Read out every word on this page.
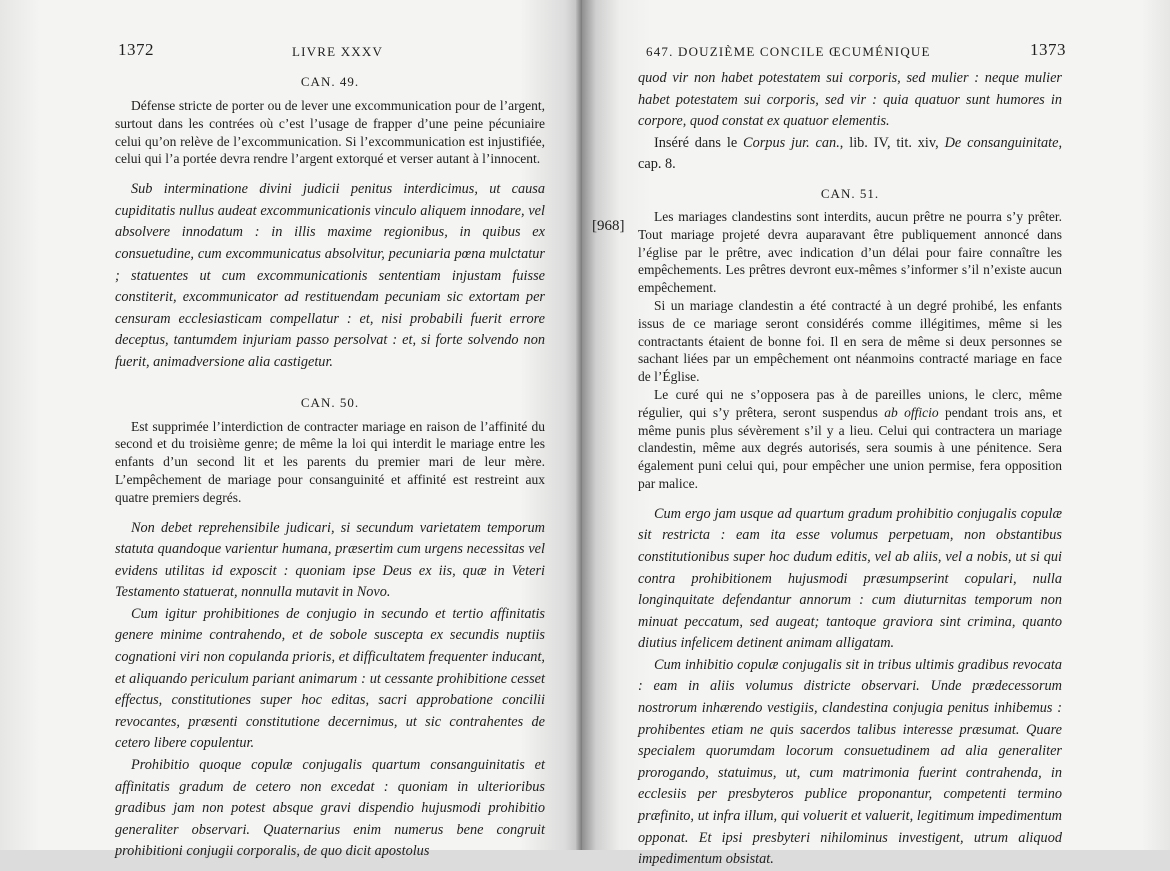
1372	LIVRE XXXV

CAN. 49.

Défense stricte de porter ou de lever une excommunication pour de l’argent, surtout dans les contrées où c’est l’usage de frapper d’une peine pécuniaire celui qu’on relève de l’excommunication. Si l’excommunication est injustifiée, celui qui l’a portée devra rendre l’argent extorqué et verser autant à l’innocent.

Sub interminatione divini judicii penitus interdicimus, ut causa cupiditatis nullus audeat excommunicationis vinculo aliquem innodare, vel absolvere innodatum : in illis maxime regionibus, in quibus ex consuetudine, cum excommunicatus absolvitur, pecuniaria pœna mulctatur ; statuentes ut cum excommunicationis sententiam injustam fuisse constiterit, excommunicator ad restituendam pecuniam sic extortam per censuram ecclesiasticam compellatur : et, nisi probabili fuerit errore deceptus, tantumdem injuriam passo persolvat : et, si forte solvendo non fuerit, animadversione alia castigetur.

CAN. 50.

Est supprimée l’interdiction de contracter mariage en raison de l’affinité du second et du troisième genre; de même la loi qui interdit le mariage entre les enfants d’un second lit et les parents du premier mari de leur mère. L’empêchement de mariage pour consanguinité et affinité est restreint aux quatre premiers degrés.

Non debet reprehensibile judicari, si secundum varietatem temporum statuta quandoque varientur humana, præsertim cum urgens necessitas vel evidens utilitas id exposcit : quoniam ipse Deus ex iis, quæ in Veteri Testamento statuerat, nonnulla mutavit in Novo.

Cum igitur prohibitiones de conjugio in secundo et tertio affinitatis genere minime contrahendo, et de sobole suscepta ex secundis nuptiis cognationi viri non copulanda prioris, et difficultatem frequenter inducant, et aliquando periculum pariant animarum : ut cessante prohibitione cesset effectus, constitutiones super hoc editas, sacri approbatione concilii revocantes, præsenti constitutione decernimus, ut sic contrahentes de cetero libere copulentur.

Prohibitio quoque copulæ conjugalis quartum consanguinitatis et affinitatis gradum de cetero non excedat : quoniam in ulterioribus gradibus jam non potest absque gravi dispendio hujusmodi prohibitio generaliter observari. Quaternarius enim numerus bene congruit prohibitioni conjugii corporalis, de quo dicit apostolus

647. DOUZIÈME CONCILE ŒCUMÉNIQUE	1373
[968]

quod vir non habet potestatem sui corporis, sed mulier : neque mulier habet potestatem sui corporis, sed vir : quia quatuor sunt humores in corpore, quod constat ex quatuor elementis.

Inséré dans le Corpus jur. can., lib. IV, tit. xiv, De consanguinitate, cap. 8.

CAN. 51.

Les mariages clandestins sont interdits, aucun prêtre ne pourra s’y prêter. Tout mariage projeté devra auparavant être publiquement annoncé dans l’église par le prêtre, avec indication d’un délai pour faire connaître les empêchements. Les prêtres devront eux-mêmes s’informer s’il n’existe aucun empêchement.

Si un mariage clandestin a été contracté à un degré prohibé, les enfants issus de ce mariage seront considérés comme illégitimes, même si les contractants étaient de bonne foi. Il en sera de même si deux personnes se sachant liées par un empêchement ont néanmoins contracté mariage en face de l’Église.

Le curé qui ne s’opposera pas à de pareilles unions, le clerc, même régulier, qui s’y prêtera, seront suspendus ab officio pendant trois ans, et même punis plus sévèrement s’il y a lieu. Celui qui contractera un mariage clandestin, même aux degrés autorisés, sera soumis à une pénitence. Sera également puni celui qui, pour empêcher une union permise, fera opposition par malice.

Cum ergo jam usque ad quartum gradum prohibitio conjugalis copulæ sit restricta : eam ita esse volumus perpetuam, non obstantibus constitutionibus super hoc dudum editis, vel ab aliis, vel a nobis, ut si qui contra prohibitionem hujusmodi præsumpserint copulari, nulla longinquitate defendantur annorum : cum diuturnitas temporum non minuat peccatum, sed augeat; tantoque graviora sint crimina, quanto diutius infelicem detinent animam alligatam.

Cum inhibitio copulæ conjugalis sit in tribus ultimis gradibus revocata : eam in aliis volumus districte observari. Unde prædecessorum nostrorum inhærendo vestigiis, clandestina conjugia penitus inhibemus : prohibentes etiam ne quis sacerdos talibus interesse præsumat. Quare specialem quorumdam locorum consuetudinem ad alia generaliter prorogando, statuimus, ut, cum matrimonia fuerint contrahenda, in ecclesiis per presbyteros publice proponantur, competenti termino præfinito, ut infra illum, qui voluerit et valuerit, legitimum impedimentum opponat. Et ipsi presbyteri nihilominus investigent, utrum aliquod impedimentum obsistat.
